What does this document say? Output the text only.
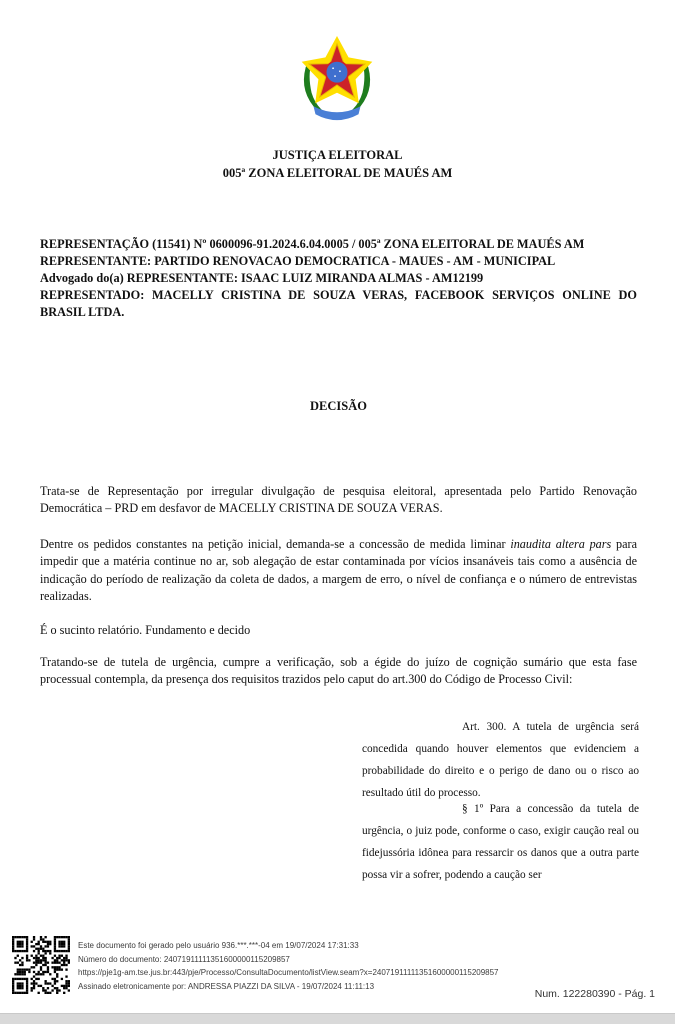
JUSTIÇA ELEITORAL
005ª ZONA ELEITORAL DE MAUÉS AM
REPRESENTAÇÃO (11541) Nº 0600096-91.2024.6.04.0005 / 005ª ZONA ELEITORAL DE MAUÉS AM
REPRESENTANTE: PARTIDO RENOVACAO DEMOCRATICA - MAUES - AM - MUNICIPAL
Advogado do(a) REPRESENTANTE: ISAAC LUIZ MIRANDA ALMAS - AM12199
REPRESENTADO: MACELLY CRISTINA DE SOUZA VERAS, FACEBOOK SERVIÇOS ONLINE DO BRASIL LTDA.
DECISÃO

Trata-se de Representação por irregular divulgação de pesquisa eleitoral, apresentada pelo Partido Renovação Democrática – PRD em desfavor de MACELLY CRISTINA DE SOUZA VERAS.

Dentre os pedidos constantes na petição inicial, demanda-se a concessão de medida liminar inaudita altera pars para impedir que a matéria continue no ar, sob alegação de estar contaminada por vícios insanáveis tais como a ausência de indicação do período de realização da coleta de dados, a margem de erro, o nível de confiança e o número de entrevistas realizadas.

É o sucinto relatório. Fundamento e decido

Tratando-se de tutela de urgência, cumpre a verificação, sob a égide do juízo de cognição sumário que esta fase processual contempla, da presença dos requisitos trazidos pelo caput do art.300 do Código de Processo Civil:

Art. 300. A tutela de urgência será concedida quando houver elementos que evidenciem a probabilidade do direito e o perigo de dano ou o risco ao resultado útil do processo.
§ 1º Para a concessão da tutela de urgência, o juiz pode, conforme o caso, exigir caução real ou fidejussória idônea para ressarcir os danos que a outra parte possa vir a sofrer, podendo a caução ser
Este documento foi gerado pelo usuário 936.***.***-04 em 19/07/2024 17:31:33
Número do documento: 24071911111351600000115209857
https://pje1g-am.tse.jus.br:443/pje/Processo/ConsultaDocumento/listView.seam?x=24071911111351600000115209857
Assinado eletronicamente por: ANDRESSA PIAZZI DA SILVA - 19/07/2024 11:11:13
Num. 122280390 - Pág. 1
